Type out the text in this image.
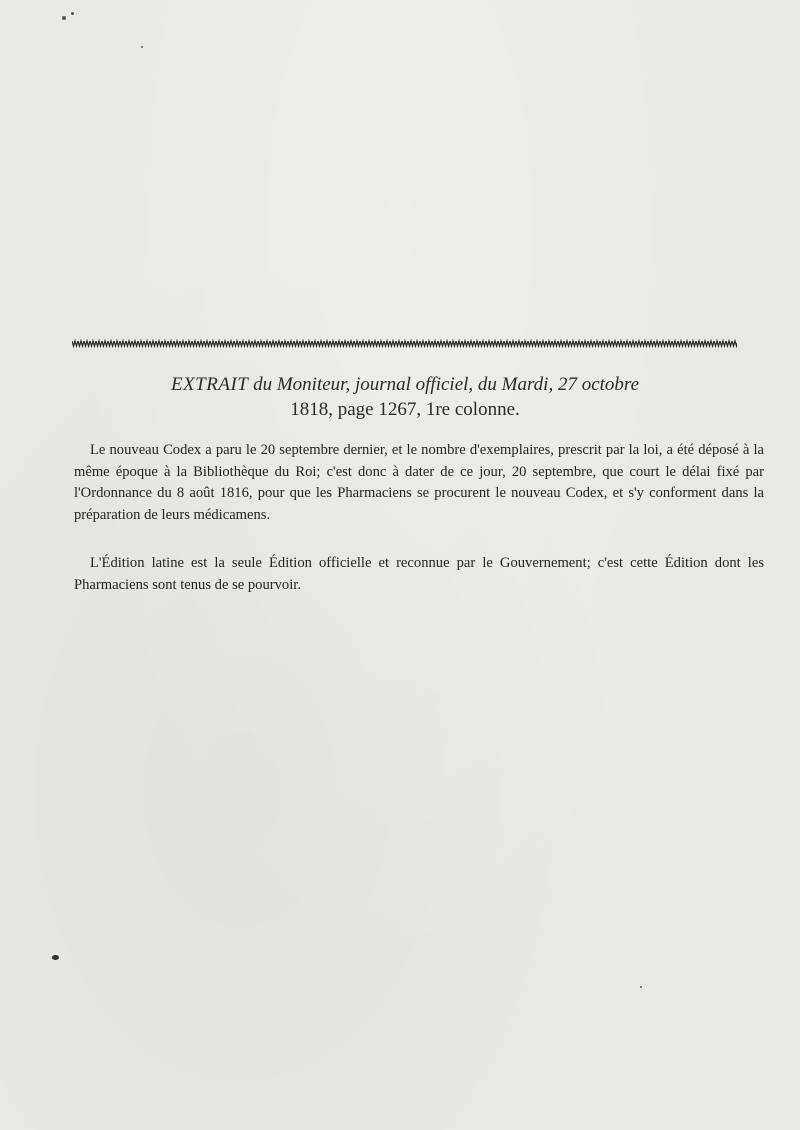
EXTRAIT du Moniteur, journal officiel, du Mardi, 27 octobre
1818, page 1267, 1re colonne.

Le nouveau Codex a paru le 20 septembre dernier, et le nombre d'exemplaires, prescrit par la loi, a été déposé à la même époque à la Bibliothèque du Roi; c'est donc à dater de ce jour, 20 septembre, que court le délai fixé par l'Ordonnance du 8 août 1816, pour que les Pharmaciens se procurent le nouveau Codex, et s'y conforment dans la préparation de leurs médicamens.

L'Édition latine est la seule Édition officielle et reconnue par le Gouvernement; c'est cette Édition dont les Pharmaciens sont tenus de se pourvoir.
